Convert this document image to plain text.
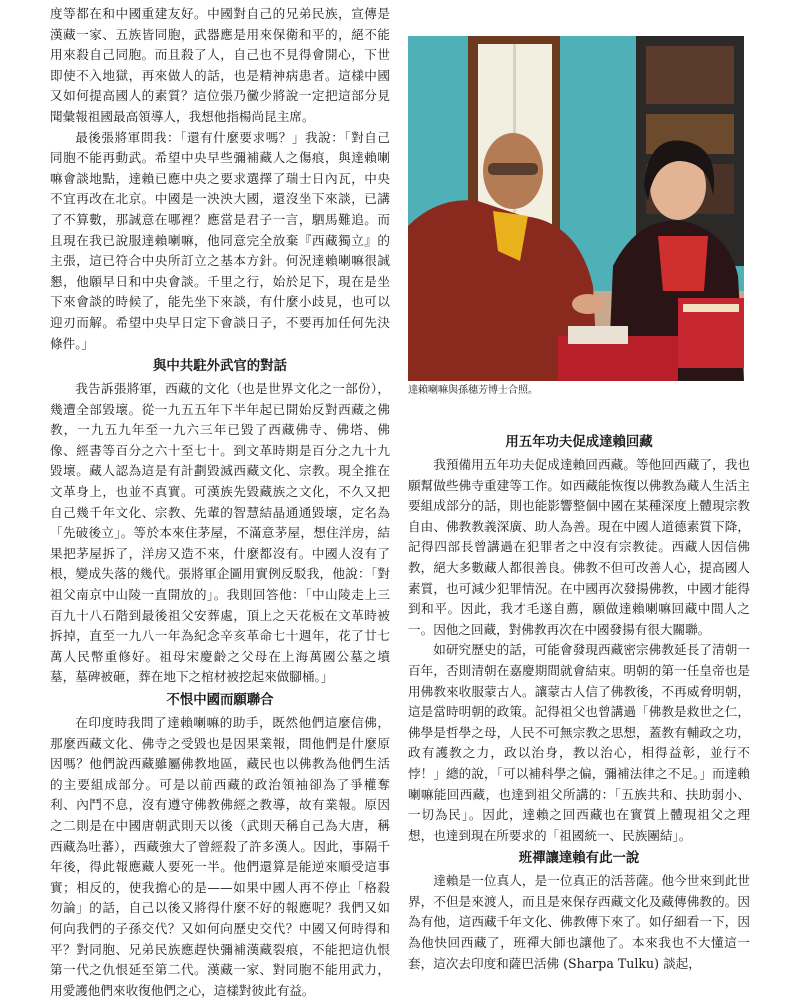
度等都在和中國重建友好。中國對自己的兄弟民族，宣傳是漢藏一家、五族皆同胞，武器應是用來保衛和平的，絕不能用來殺自己同胞。而且殺了人，自己也不見得會開心，下世即使不入地獄，再來做人的話，也是精神病患者。這樣中國又如何提高國人的素質？這位張乃黴少將說一定把這部分見聞彙報祖國最高領導人，我想他指楊尚昆主席。

最後張將軍問我：「還有什麼要求嗎？」我說：「對自己同胞不能再動武。希望中央早些彌補藏人之傷痕，與達賴喇嘛會談地點，達賴已應中央之要求選擇了瑞士日內瓦，中央不宜再改在北京。中國是一泱泱大國，還沒坐下來談，已講了不算數，那誠意在哪裡？應當是君子一言，駟馬難追。而且現在我已說服達賴喇嘛，他同意完全放棄『西藏獨立』的主張，這已符合中央所訂立之基本方針。何況達賴喇嘛很誠懇，他願早日和中央會談。千里之行，始於足下，現在是坐下來會談的時候了，能先坐下來談，有什麼小歧見，也可以迎刃而解。希望中央早日定下會談日子，不要再加任何先決條件。」

與中共駐外武官的對話

我告訴張將軍，西藏的文化（也是世界文化之一部份），幾遭全部毀壞。從一九五五年下半年起已開始反對西藏之佛教，一九五九年至一九六三年已毀了西藏佛寺、佛塔、佛像、經書等百分之六十至七十。到文革時期是百分之九十九毀壞。藏人認為這是有計劃毀滅西藏文化、宗教。現全推在文革身上，也並不真實。可漢族先毀藏族之文化，不久又把自己幾千年文化、宗教、先輩的智慧結晶通通毀壞，定名為「先破後立」。等於本來住茅屋，不滿意茅屋，想住洋房，結果把茅屋拆了，洋房又造不來，什麼都沒有。中國人沒有了根，變成失落的幾代。張將軍企圖用實例反駁我，他說：「對祖父南京中山陵一直開放的」。我則回答他：「中山陵走上三百九十八石階到最後祖父安葬處，頂上之天花板在文革時被拆掉，直至一九八一年為紀念辛亥革命七十週年，花了廿七萬人民幣重修好。祖母宋慶齡之父母在上海萬國公墓之墳墓，墓碑被砸，葬在地下之棺材被挖起來做腳桶。」

不恨中國而願聯合

在印度時我問了達賴喇嘛的助手，既然他們這麼信佛，那麼西藏文化、佛寺之受毀也是因果業報，問他們是什麼原因嗎？他們說西藏雖屬佛教地區，藏民也以佛教為他們生活的主要組成部分。可是以前西藏的政治領袖卻為了爭權奪利、內鬥不息，沒有遵守佛教佛經之教導，故有業報。原因之二則是在中國唐朝武則天以後（武則天稱自己為大唐，稱西藏為吐蕃），西藏強大了曾經殺了許多漢人。因此，事隔千年後，得此報應藏人要死一半。他們還算是能逆來順受這事實；相反的，使我擔心的是——如果中國人再不停止「格殺勿論」的話，自己以後又將得什麼不好的報應呢？我們又如何向我們的子孫交代？又如何向歷史交代？中國又何時得和平？對同胞、兄弟民族應趕快彌補漢藏裂痕，不能把這仇恨第一代之仇恨延至第二代。漢藏一家、對同胞不能用武力，用愛護他們來收復他們之心，這樣對彼此有益。

達賴喇嘛與孫穗芳博士合照。
用五年功夫促成達賴回藏

我預備用五年功夫促成達賴回西藏。等他回西藏了，我也願幫做些佛寺重建等工作。如西藏能恢復以佛教為藏人生活主要組成部分的話，則也能影響整個中國在某種深度上體現宗教自由、佛教教義深廣、助人為善。現在中國人道德素質下降，記得四部長曾講過在犯罪者之中沒有宗教徒。西藏人因信佛教，絕大多數藏人都很善良。佛教不但可改善人心，提高國人素質，也可減少犯罪情況。在中國再次發揚佛教，中國才能得到和平。因此，我才毛遂自薦，願做達賴喇嘛回藏中間人之一。因他之回藏，對佛教再次在中國發揚有很大關聯。

如研究歷史的話，可能會發現西藏密宗佛教延長了清朝一百年，否則清朝在嘉慶期間就會結束。明朝的第一任皇帝也是用佛教來收服蒙古人。讓蒙古人信了佛教後，不再威脅明朝，這是當時明朝的政策。記得祖父也曾講過「佛教是救世之仁，佛學是哲學之母，人民不可無宗教之思想，蓋教有輔政之功，政有護教之力，政以治身，教以治心，相得益彰，並行不悖！」總的說，「可以補科學之偏，彌補法律之不足。」而達賴喇嘛能回西藏，也達到祖父所講的：「五族共和、扶助弱小、一切為民」。因此，達賴之回西藏也在實質上體現祖父之理想，也達到現在所要求的「祖國統一、民族團結」。

班禪讓達賴有此一說

達賴是一位真人，是一位真正的活菩薩。他今世來到此世界，不但是來渡人，而且是來保存西藏文化及藏傳佛教的。因為有他，這西藏千年文化、佛教傳下來了。如仔細看一下，因為他快回西藏了，班禪大師也讓他了。本來我也不大懂這一套，這次去印度和薩巴活佛 (Sharpa Tulku) 談起，
